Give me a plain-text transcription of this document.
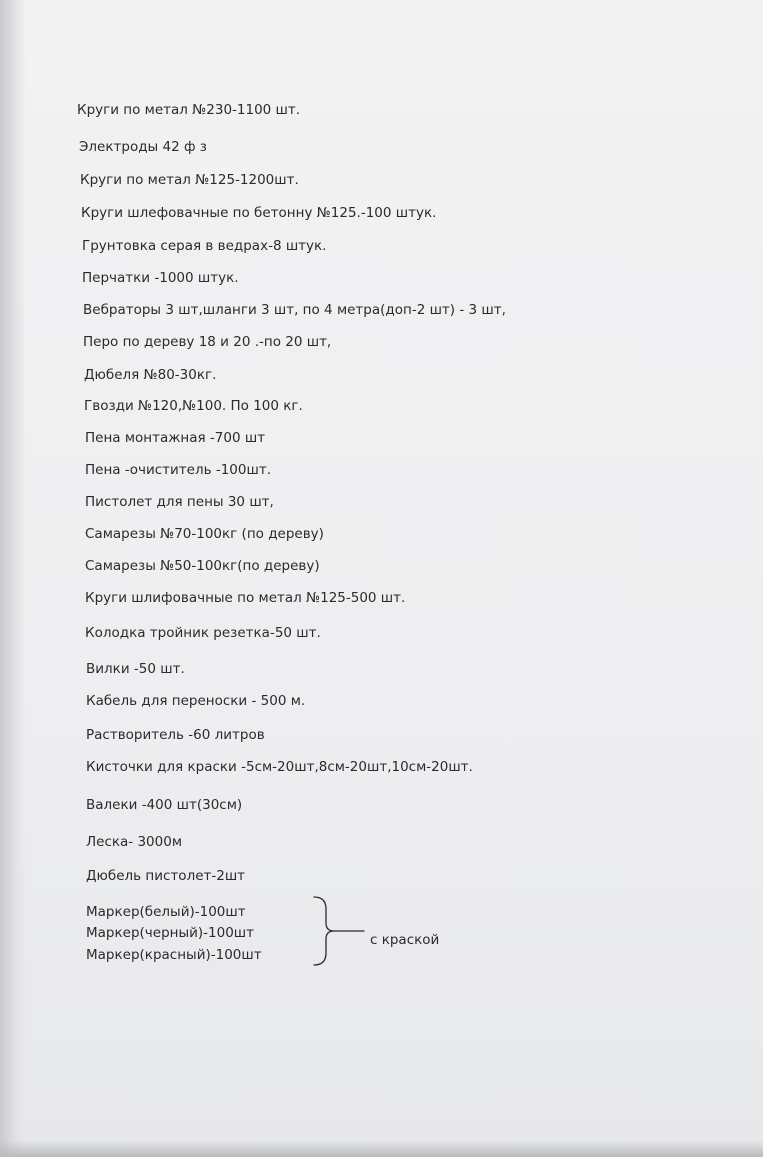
Круги по метал №230-1100 шт.

Электроды 42 ф з

Круги по метал №125-1200шт.

Круги шлефовачные по бетонну №125.-100 штук.

Грунтовка серая в ведрах-8 штук.

Перчатки -1000 штук.

Вебраторы 3 шт,шланги 3 шт, по 4 метра(доп-2 шт) - 3 шт,

Перо по дереву 18 и 20 .-по 20 шт,

Дюбеля №80-30кг.

Гвозди №120,№100. По 100 кг.

Пена монтажная -700 шт

Пена -очиститель -100шт.

Пистолет для пены 30 шт,

Самарезы №70-100кг (по дереву)

Самарезы №50-100кг(по дереву)

Круги шлифовачные по метал №125-500 шт.

Колодка тройник резетка-50 шт.

Вилки -50 шт.

Кабель для переноски - 500 м.

Растворитель -60 литров

Кисточки для краски -5см-20шт,8см-20шт,10см-20шт.

Валеки -400 шт(30см)

Леска- 3000м

Дюбель пистолет-2шт

Маркер(белый)-100шт

Маркер(черный)-100шт

Маркер(красный)-100шт

с краской
